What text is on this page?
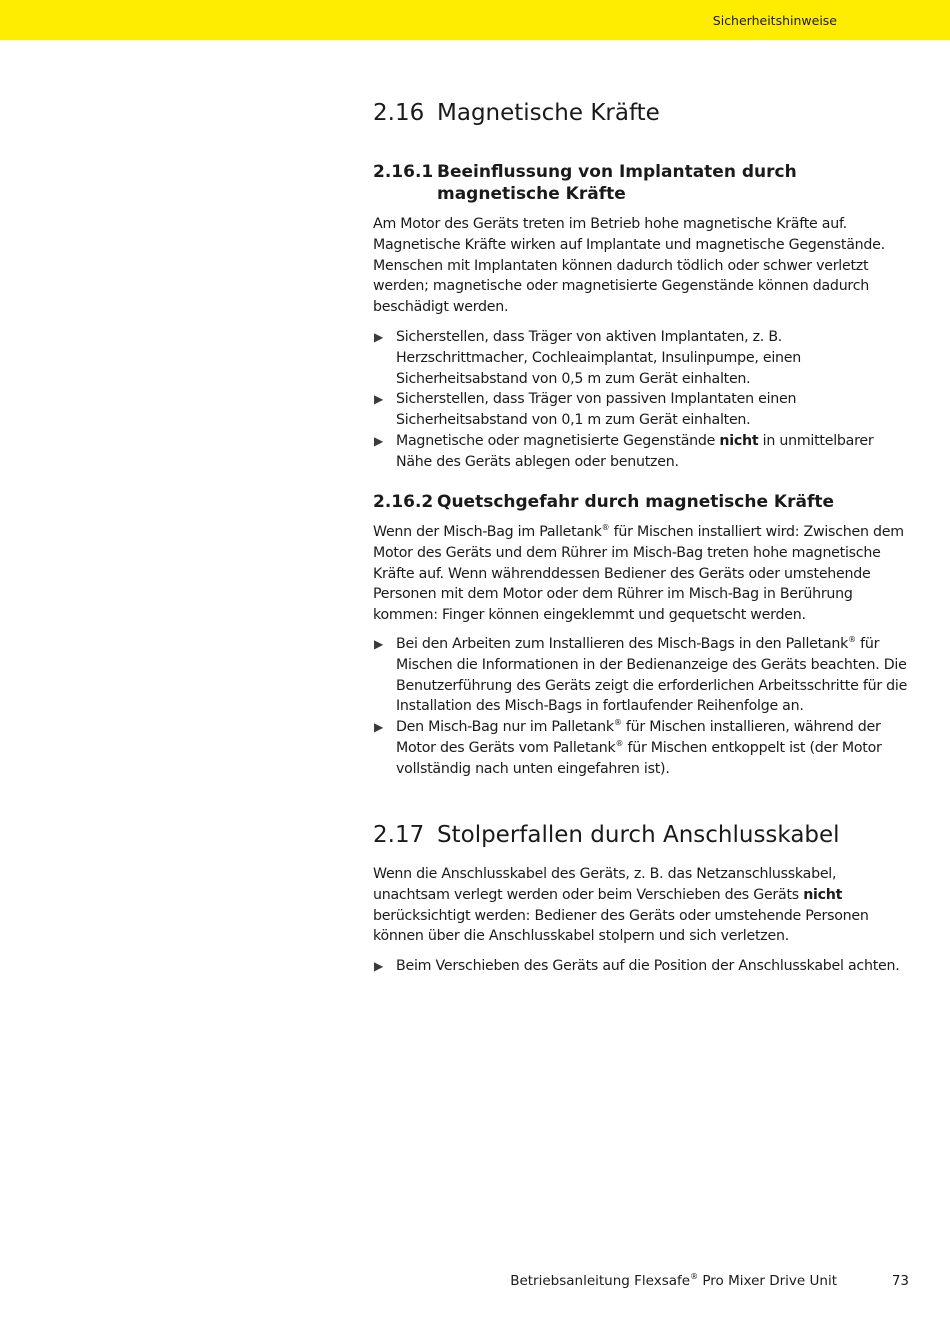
Sicherheitshinweise
2.16 Magnetische Kräfte
2.16.1 Beeinflussung von Implantaten durch magnetische Kräfte

Am Motor des Geräts treten im Betrieb hohe magnetische Kräfte auf. Magnetische Kräfte wirken auf Implantate und magnetische Gegenstände. Menschen mit Implantaten können dadurch tödlich oder schwer verletzt werden; magnetische oder magnetisierte Gegenstände können dadurch beschädigt werden.

▶ Sicherstellen, dass Träger von aktiven Implantaten, z. B. Herzschrittmacher, Cochleaimplantat, Insulinpumpe, einen Sicherheitsabstand von 0,5 m zum Gerät einhalten.
▶ Sicherstellen, dass Träger von passiven Implantaten einen Sicherheitsabstand von 0,1 m zum Gerät einhalten.
▶ Magnetische oder magnetisierte Gegenstände nicht in unmittelbarer Nähe des Geräts ablegen oder benutzen.
2.16.2 Quetschgefahr durch magnetische Kräfte

Wenn der Misch-Bag im Palletank® für Mischen installiert wird: Zwischen dem Motor des Geräts und dem Rührer im Misch-Bag treten hohe magnetische Kräfte auf. Wenn währenddessen Bediener des Geräts oder umstehende Personen mit dem Motor oder dem Rührer im Misch-Bag in Berührung kommen: Finger können eingeklemmt und gequetscht werden.

▶ Bei den Arbeiten zum Installieren des Misch-Bags in den Palletank® für Mischen die Informationen in der Bedienanzeige des Geräts beachten. Die Benutzerführung des Geräts zeigt die erforderlichen Arbeitsschritte für die Installation des Misch-Bags in fortlaufender Reihenfolge an.
▶ Den Misch-Bag nur im Palletank® für Mischen installieren, während der Motor des Geräts vom Palletank® für Mischen entkoppelt ist (der Motor vollständig nach unten eingefahren ist).
2.17 Stolperfallen durch Anschlusskabel

Wenn die Anschlusskabel des Geräts, z. B. das Netzanschlusskabel, unachtsam verlegt werden oder beim Verschieben des Geräts nicht berücksichtigt werden: Bediener des Geräts oder umstehende Personen können über die Anschlusskabel stolpern und sich verletzen.

▶ Beim Verschieben des Geräts auf die Position der Anschlusskabel achten.
Betriebsanleitung Flexsafe® Pro Mixer Drive Unit	73
